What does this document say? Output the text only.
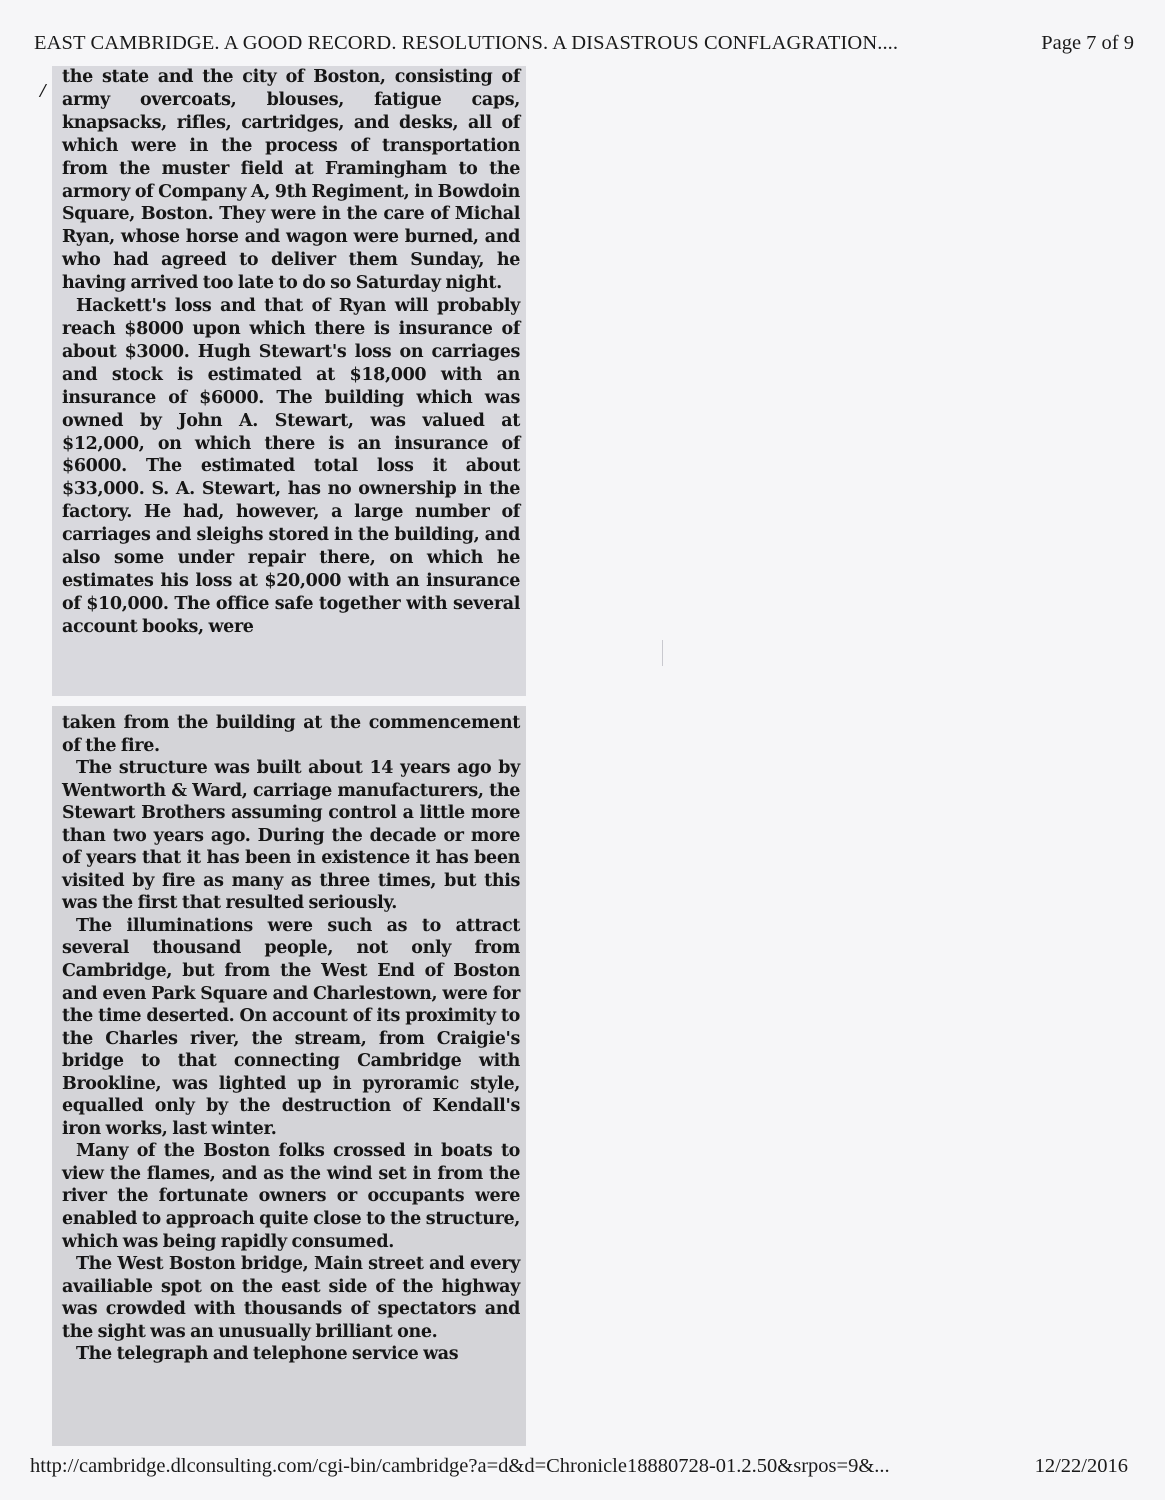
EAST CAMBRIDGE. A GOOD RECORD. RESOLUTIONS. A DISASTROUS CONFLAGRATION....	Page 7 of 9
/

the state and the city of Boston, consisting of army overcoats, blouses, fatigue caps, knapsacks, rifles, cartridges, and desks, all of which were in the process of transportation from the muster field at Framingham to the armory of Company A, 9th Regiment, in Bowdoin Square, Boston. They were in the care of Michal Ryan, whose horse and wagon were burned, and who had agreed to deliver them Sunday, he having arrived too late to do so Saturday night.

Hackett's loss and that of Ryan will probably reach $8000 upon which there is insurance of about $3000. Hugh Stewart's loss on carriages and stock is estimated at $18,000 with an insurance of $6000. The building which was owned by John A. Stewart, was valued at $12,000, on which there is an insurance of $6000. The estimated total loss it about $33,000. S. A. Stewart, has no ownership in the factory. He had, however, a large number of carriages and sleighs stored in the building, and also some under repair there, on which he estimates his loss at $20,000 with an insurance of $10,000. The office safe together with several account books, were

taken from the building at the commencement of the fire.

The structure was built about 14 years ago by Wentworth & Ward, carriage manufacturers, the Stewart Brothers assuming control a little more than two years ago. During the decade or more of years that it has been in existence it has been visited by fire as many as three times, but this was the first that resulted seriously.

The illuminations were such as to attract several thousand people, not only from Cambridge, but from the West End of Boston and even Park Square and Charlestown, were for the time deserted. On account of its proximity to the Charles river, the stream, from Craigie's bridge to that connecting Cambridge with Brookline, was lighted up in pyroramic style, equalled only by the destruction of Kendall's iron works, last winter.

Many of the Boston folks crossed in boats to view the flames, and as the wind set in from the river the fortunate owners or occupants were enabled to approach quite close to the structure, which was being rapidly consumed.

The West Boston bridge, Main street and every availiable spot on the east side of the highway was crowded with thousands of spectators and the sight was an unusually brilliant one.

The telegraph and telephone service was

http://cambridge.dlconsulting.com/cgi-bin/cambridge?a=d&d=Chronicle18880728-01.2.50&srpos=9&...	12/22/2016
